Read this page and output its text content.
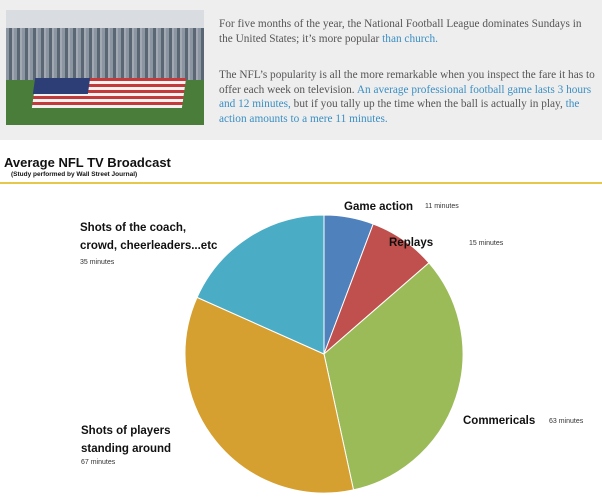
For five months of the year, the National Football League dominates Sundays in the United States; it’s more popular than church.

The NFL’s popularity is all the more remarkable when you inspect the fare it has to offer each week on television. An average professional football game lasts 3 hours and 12 minutes, but if you tally up the time when the ball is actually in play, the action amounts to a mere 11 minutes.

Average NFL TV Broadcast
(Study performed by Wall Street Journal)
Game action 11 minutes
Replays	15 minutes
Commericals 63 minutes
Shots of players
standing around
67 minutes
Shots of the coach,
crowd, cheerleaders...etc
35 minutes
